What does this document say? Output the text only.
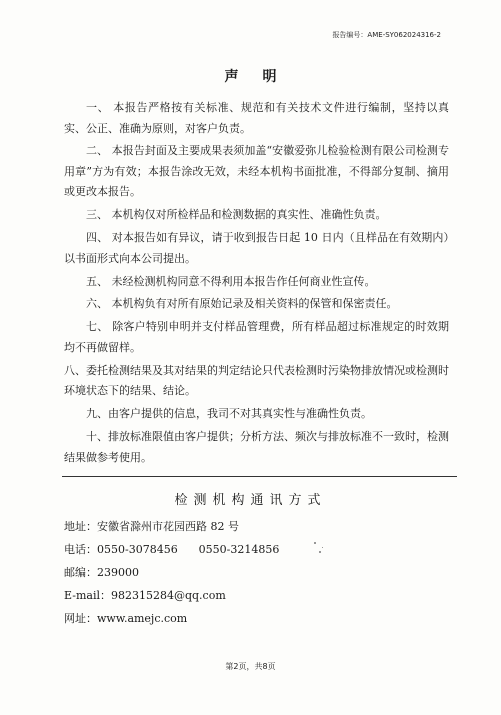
报告编号：AME-SY062024316-2
声明

一、 本报告严格按有关标准、规范和有关技术文件进行编制，坚持以真实、公正、准确为原则，对客户负责。

二、 本报告封面及主要成果表须加盖“安徽爱弥儿检验检测有限公司检测专用章”方为有效；本报告涂改无效，未经本机构书面批准，不得部分复制、摘用或更改本报告。

三、 本机构仅对所检样品和检测数据的真实性、准确性负责。

四、 对本报告如有异议，请于收到报告日起 10 日内（且样品在有效期内）以书面形式向本公司提出。

五、 未经检测机构同意不得利用本报告作任何商业性宣传。

六、 本机构负有对所有原始记录及相关资料的保管和保密责任。

七、 除客户特别申明并支付样品管理费，所有样品超过标准规定的时效期均不再做留样。

八、委托检测结果及其对结果的判定结论只代表检测时污染物排放情况或检测时环境状态下的结果、结论。

九、由客户提供的信息，我司不对其真实性与准确性负责。

十、排放标准限值由客户提供；分析方法、频次与排放标准不一致时，检测结果做参考使用。

检测机构通讯方式
地址：安徽省滁州市花园西路 82 号
电话：0550-3078456      0550-3214856
邮编：239000
E-mail：982315284@qq.com
网址：www.amejc.com
第2页，共8页
